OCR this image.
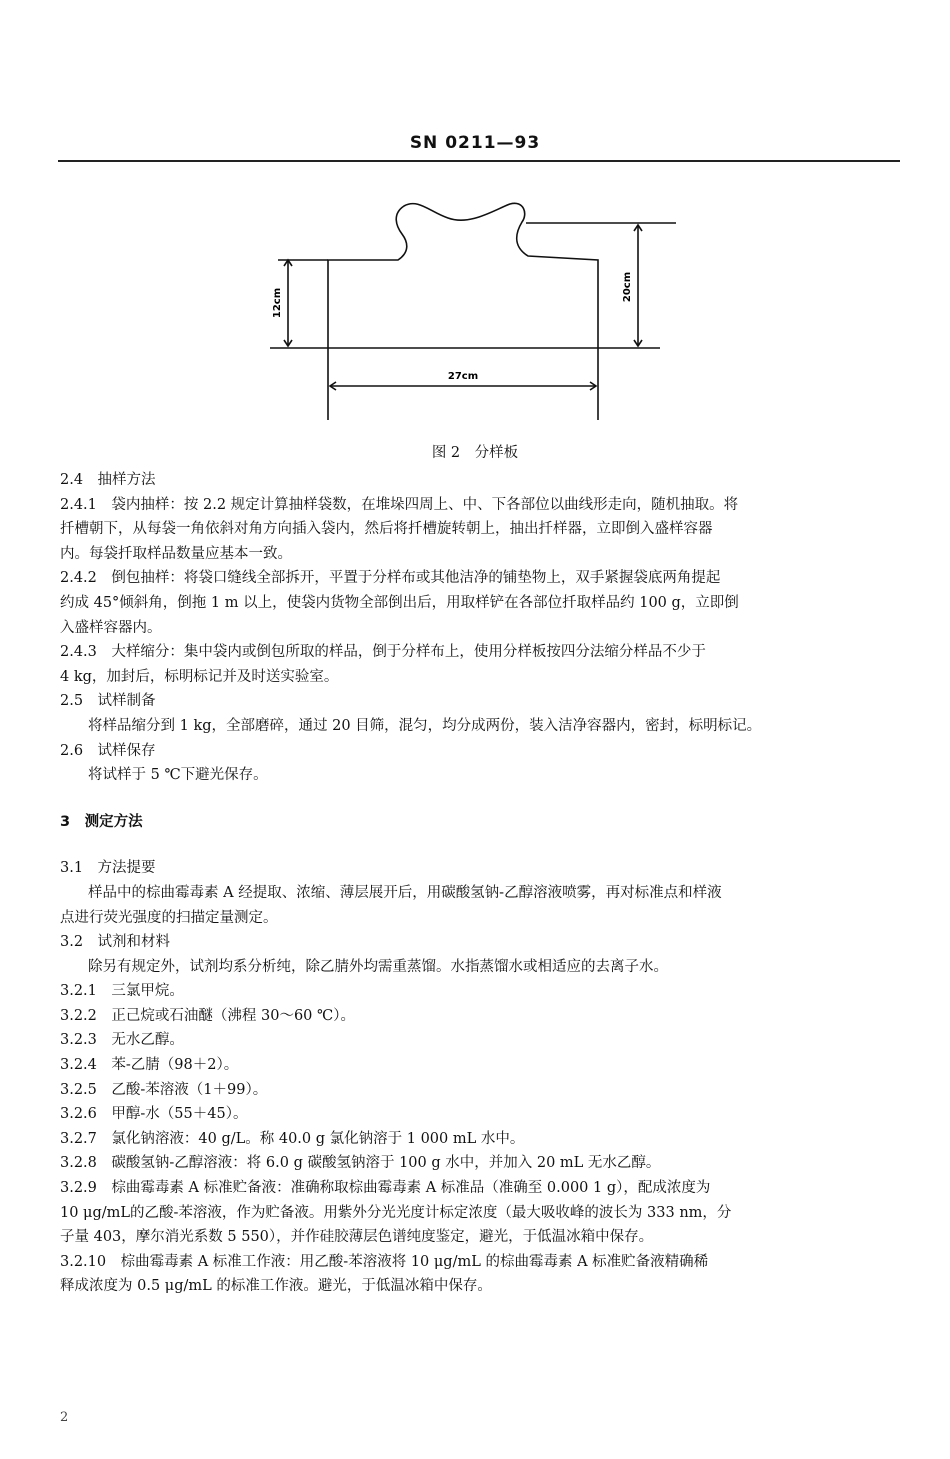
SN 0211—93
12cm
20cm
27cm
图 2　分样板
2.4　抽样方法
2.4.1　袋内抽样：按 2.2 规定计算抽样袋数，在堆垛四周上、中、下各部位以曲线形走向，随机抽取。将
扦槽朝下，从每袋一角依斜对角方向插入袋内，然后将扦槽旋转朝上，抽出扦样器，立即倒入盛样容器
内。每袋扦取样品数量应基本一致。
2.4.2　倒包抽样：将袋口缝线全部拆开，平置于分样布或其他洁净的铺垫物上，双手紧握袋底两角提起
约成 45°倾斜角，倒拖 1 m 以上，使袋内货物全部倒出后，用取样铲在各部位扦取样品约 100 g，立即倒
入盛样容器内。
2.4.3　大样缩分：集中袋内或倒包所取的样品，倒于分样布上，使用分样板按四分法缩分样品不少于
4 kg，加封后，标明标记并及时送实验室。
2.5　试样制备
将样品缩分到 1 kg，全部磨碎，通过 20 目筛，混匀，均分成两份，装入洁净容器内，密封，标明标记。
2.6　试样保存
将试样于 5 ℃下避光保存。
3　测定方法
3.1　方法提要
样品中的棕曲霉毒素 A 经提取、浓缩、薄层展开后，用碳酸氢钠-乙醇溶液喷雾，再对标准点和样液
点进行荧光强度的扫描定量测定。
3.2　试剂和材料
除另有规定外，试剂均系分析纯，除乙腈外均需重蒸馏。水指蒸馏水或相适应的去离子水。
3.2.1　三氯甲烷。
3.2.2　正己烷或石油醚（沸程 30～60 ℃）。
3.2.3　无水乙醇。
3.2.4　苯-乙腈（98＋2）。
3.2.5　乙酸-苯溶液（1＋99）。
3.2.6　甲醇-水（55＋45）。
3.2.7　氯化钠溶液：40 g/L。称 40.0 g 氯化钠溶于 1 000 mL 水中。
3.2.8　碳酸氢钠-乙醇溶液：将 6.0 g 碳酸氢钠溶于 100 g 水中，并加入 20 mL 无水乙醇。
3.2.9　棕曲霉毒素 A 标准贮备液：准确称取棕曲霉毒素 A 标准品（准确至 0.000 1 g），配成浓度为
10 μg/mL的乙酸-苯溶液，作为贮备液。用紫外分光光度计标定浓度（最大吸收峰的波长为 333 nm，分
子量 403，摩尔消光系数 5 550），并作硅胶薄层色谱纯度鉴定，避光，于低温冰箱中保存。
3.2.10　棕曲霉毒素 A 标准工作液：用乙酸-苯溶液将 10 μg/mL 的棕曲霉毒素 A 标准贮备液精确稀
释成浓度为 0.5 μg/mL 的标准工作液。避光，于低温冰箱中保存。
2
